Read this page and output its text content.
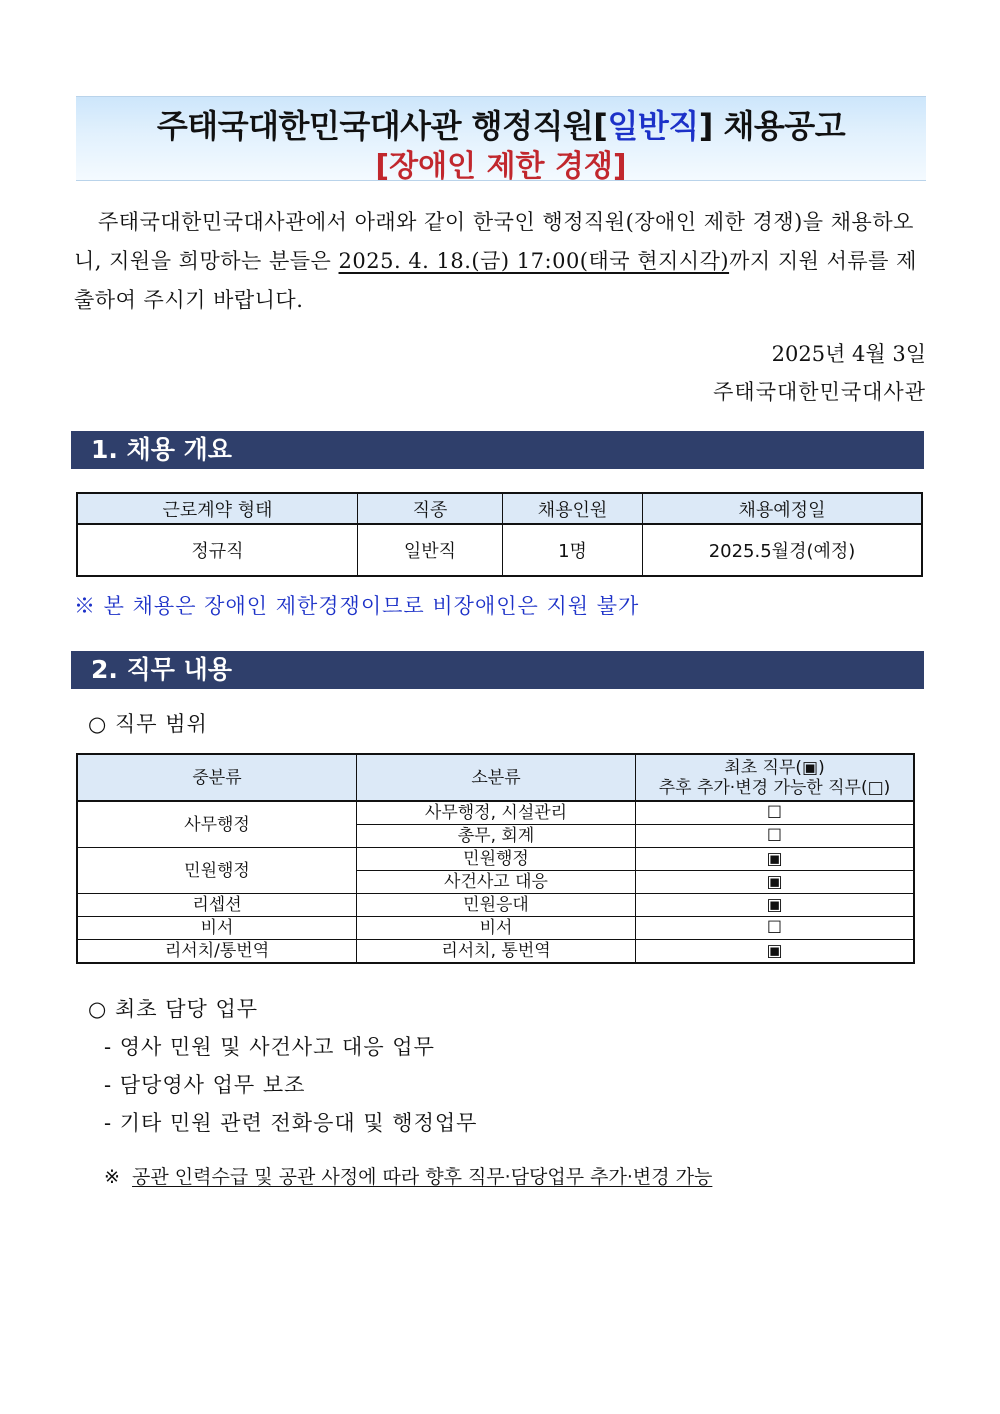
주태국대한민국대사관 행정직원[일반직] 채용공고
[장애인 제한 경쟁]
주태국대한민국대사관에서 아래와 같이 한국인 행정직원(장애인 제한 경쟁)을 채용하오니, 지원을 희망하는 분들은 2025. 4. 18.(금) 17:00(태국 현지시각)까지 지원 서류를 제출하여 주시기 바랍니다.
2025년 4월 3일
주태국대한민국대사관
1. 채용 개요
근로계약 형태	직종	채용인원	채용예정일
정규직	일반직	1명	2025.5월경(예정)
※ 본 채용은 장애인 제한경쟁이므로 비장애인은 지원 불가
2. 직무 내용
○ 직무 범위
중분류	소분류	최초 직무(▣)
추후 추가·변경 가능한 직무(□)

사무행정	사무행정, 시설관리	☐
	총무, 회계	☐
민원행정	민원행정	▣
	사건사고 대응	▣
리셉션	민원응대	▣
비서	비서	☐
리서치/통번역	리서치, 통번역	▣
○ 최초 담당 업무
- 영사 민원 및 사건사고 대응 업무
- 담당영사 업무 보조
- 기타 민원 관련 전화응대 및 행정업무
※ 공관 인력수급 및 공관 사정에 따라 향후 직무·담당업무 추가·변경 가능
